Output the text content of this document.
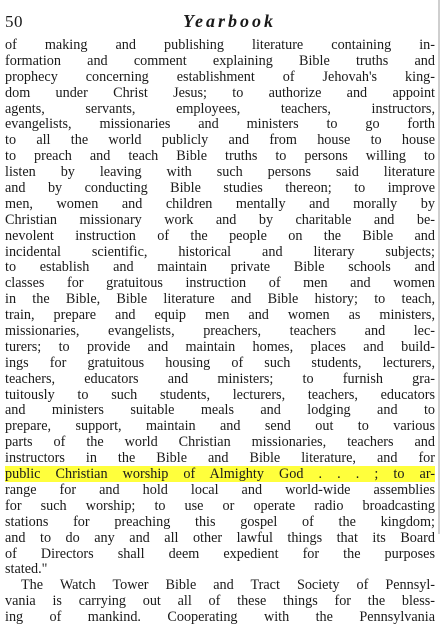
50	Yearbook
of making and publishing literature containing in-
formation and comment explaining Bible truths and
prophecy concerning establishment of Jehovah's king-
dom under Christ Jesus; to authorize and appoint
agents, servants, employees, teachers, instructors,
evangelists, missionaries and ministers to go forth
to all the world publicly and from house to house
to preach and teach Bible truths to persons willing to
listen by leaving with such persons said literature
and by conducting Bible studies thereon; to improve
men, women and children mentally and morally by
Christian missionary work and by charitable and be-
nevolent instruction of the people on the Bible and
incidental scientific, historical and literary subjects;
to establish and maintain private Bible schools and
classes for gratuitous instruction of men and women
in the Bible, Bible literature and Bible history; to teach,
train, prepare and equip men and women as ministers,
missionaries, evangelists, preachers, teachers and lec-
turers; to provide and maintain homes, places and build-
ings for gratuitous housing of such students, lecturers,
teachers, educators and ministers; to furnish gra-
tuitously to such students, lecturers, teachers, educators
and ministers suitable meals and lodging and to
prepare, support, maintain and send out to various
parts of the world Christian missionaries, teachers and
instructors in the Bible and Bible literature, and for
public Christian worship of Almighty God . . . ; to ar-
range for and hold local and world-wide assemblies
for such worship; to use or operate radio broadcasting
stations for preaching this gospel of the kingdom;
and to do any and all other lawful things that its Board
of Directors shall deem expedient for the purposes
stated."
The Watch Tower Bible and Tract Society of Pennsyl-
vania is carrying out all of these things for the bless-
ing of mankind. Cooperating with the Pennsylvania
